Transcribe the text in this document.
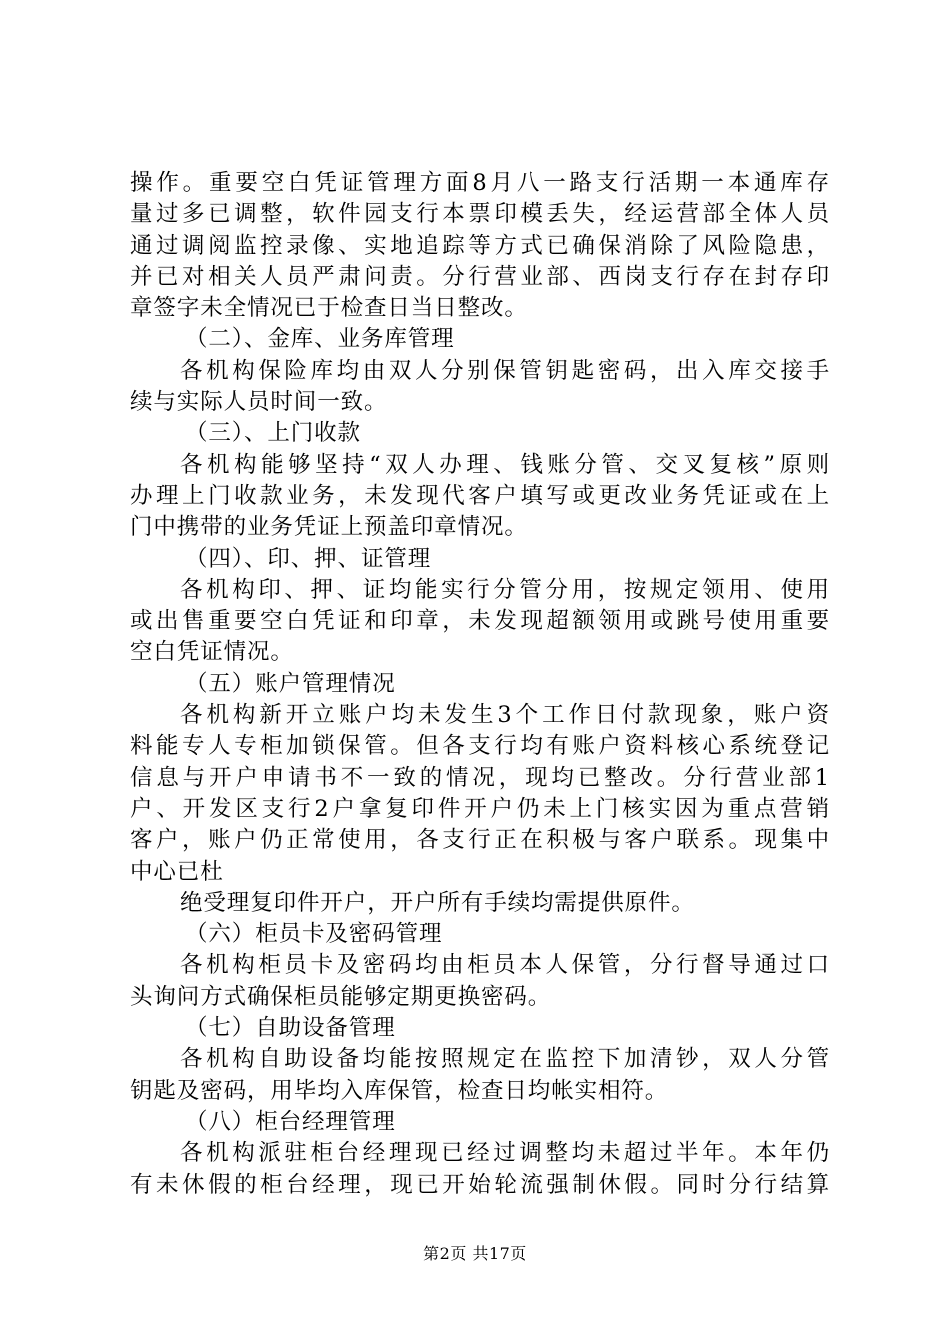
操作。重要空白凭证管理方面8月八一路支行活期一本通库存
量过多已调整，软件园支行本票印模丢失，经运营部全体人员
通过调阅监控录像、实地追踪等方式已确保消除了风险隐患，
并已对相关人员严肃问责。分行营业部、西岗支行存在封存印
章签字未全情况已于检查日当日整改。
（二）、金库、业务库管理
各机构保险库均由双人分别保管钥匙密码，出入库交接手
续与实际人员时间一致。
（三）、上门收款
各机构能够坚持“双人办理、钱账分管、交叉复核”原则
办理上门收款业务，未发现代客户填写或更改业务凭证或在上
门中携带的业务凭证上预盖印章情况。
（四）、印、押、证管理
各机构印、押、证均能实行分管分用，按规定领用、使用
或出售重要空白凭证和印章，未发现超额领用或跳号使用重要
空白凭证情况。
（五）账户管理情况
各机构新开立账户均未发生3个工作日付款现象，账户资
料能专人专柜加锁保管。但各支行均有账户资料核心系统登记
信息与开户申请书不一致的情况，现均已整改。分行营业部1
户、开发区支行2户拿复印件开户仍未上门核实因为重点营销
客户，账户仍正常使用，各支行正在积极与客户联系。现集中
中心已杜
绝受理复印件开户，开户所有手续均需提供原件。
（六）柜员卡及密码管理
各机构柜员卡及密码均由柜员本人保管，分行督导通过口
头询问方式确保柜员能够定期更换密码。
（七）自助设备管理
各机构自助设备均能按照规定在监控下加清钞，双人分管
钥匙及密码，用毕均入库保管，检查日均帐实相符。
（八）柜台经理管理
各机构派驻柜台经理现已经过调整均未超过半年。本年仍
有未休假的柜台经理，现已开始轮流强制休假。同时分行结算
第2页 共17页
